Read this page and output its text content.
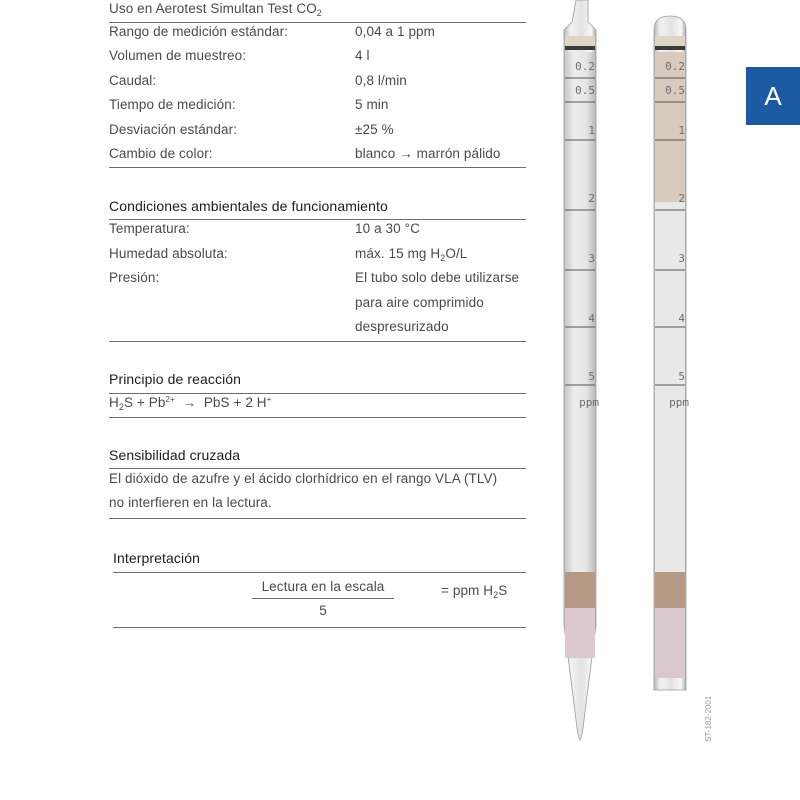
Uso en Aerotest Simultan Test $CO_2$
Rango de medición estándar:	0,04 a 1 ppm
Volumen de muestreo:	4 l
Caudal:	0,8 l/min
Tiempo de medición:	5 min
Desviación estándar:	±25 %
Cambio de color:	blanco → marrón pálido
Condiciones ambientales de funcionamiento
Temperatura:	10 a 30 °C
Humedad absoluta:	máx. 15 mg $H_2O/L$
Presión:	El tubo solo debe utilizarse
para aire comprimido
despresurizado
Principio de reacción
$H_2S + Pb^{2+}$ → PbS + 2 H+
Sensibilidad cruzada
El dióxido de azufre y el ácido clorhídrico en el rango VLA (TLV)
no interfieren en la lectura.
Interpretación
Lectura en la escala
5
= ppm $H_2S$
A
0.2
0.5
1
2
3
4
5
ppm
0.2
0.5
1
2
3
4
5
ppm
ST-182-2001
